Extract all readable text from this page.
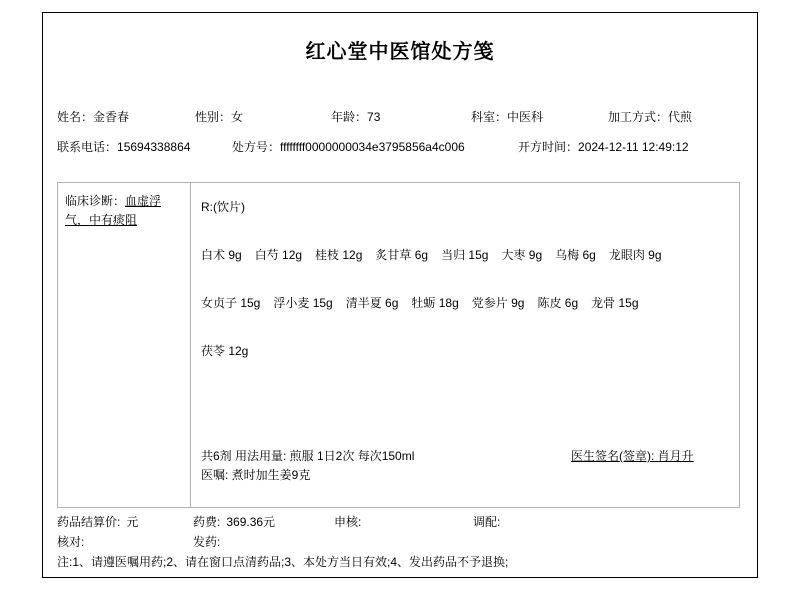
红心堂中医馆处方笺
姓名：金香春	性别：女	年龄：73	科室：中医科	加工方式：代煎
联系电话：15694338864	处方号：ffffffff0000000034e3795856a4c006	开方时间：2024-12-11 12:49:12
临床诊断：血虚浮气，中有痰阻
R:(饮片)
白术 9g 白芍 12g 桂枝 12g 炙甘草 6g 当归 15g 大枣 9g 乌梅 6g 龙眼肉 9g
女贞子 15g 浮小麦 15g 清半夏 6g 牡蛎 18g 党参片 9g 陈皮 6g 龙骨 15g
茯苓 12g
共6剂 用法用量: 煎服 1日2次 每次150ml
医嘱: 煮时加生姜9克
医生签名(签章): 肖月升
药品结算价: 元	药费: 369.36元	申核:	调配:
核对:	发药:
注:1、请遵医嘱用药;2、请在窗口点清药品;3、本处方当日有效;4、发出药品不予退换;
